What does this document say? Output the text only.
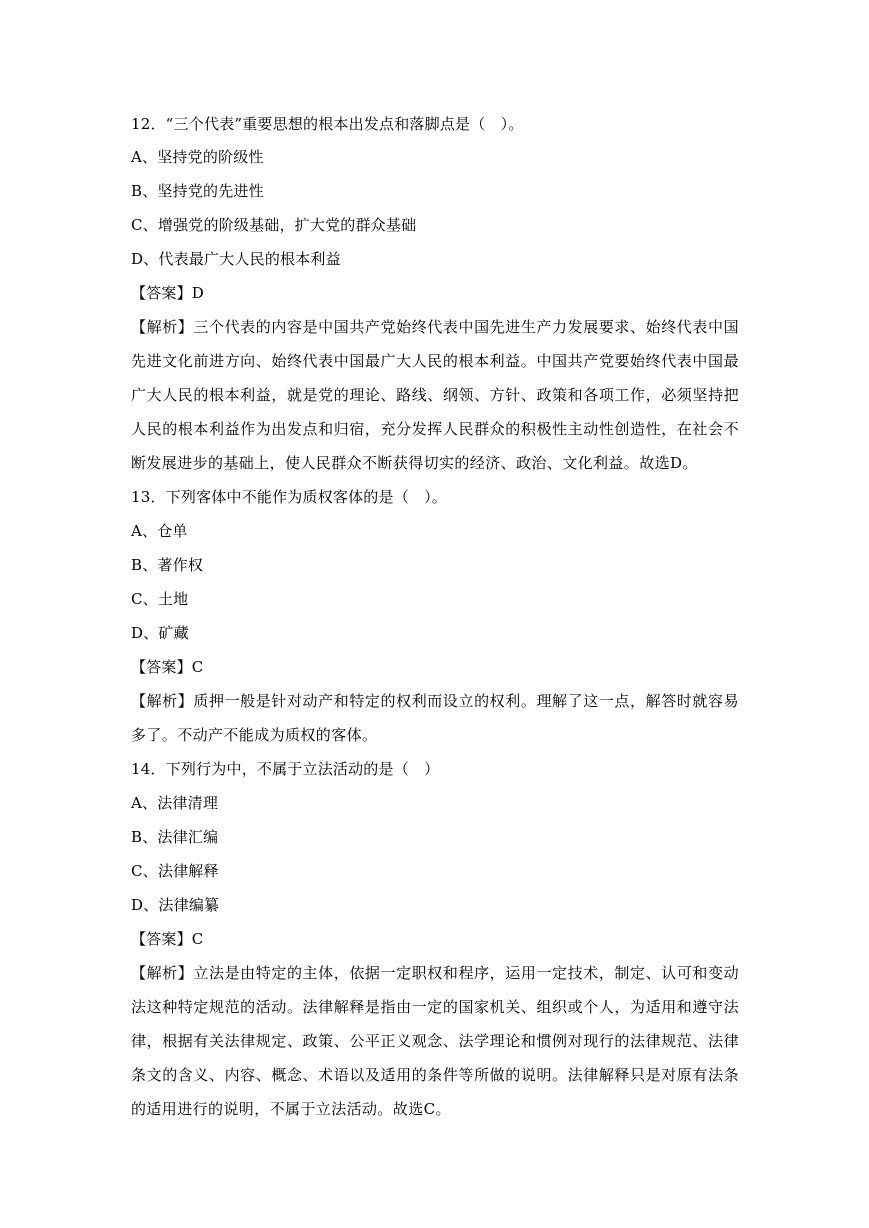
12．“三个代表”重要思想的根本出发点和落脚点是（　）。
A、坚持党的阶级性
B、坚持党的先进性
C、增强党的阶级基础，扩大党的群众基础
D、代表最广大人民的根本利益
【答案】D
【解析】三个代表的内容是中国共产党始终代表中国先进生产力发展要求、始终代表中国先进文化前进方向、始终代表中国最广大人民的根本利益。中国共产党要始终代表中国最广大人民的根本利益，就是党的理论、路线、纲领、方针、政策和各项工作，必须坚持把人民的根本利益作为出发点和归宿，充分发挥人民群众的积极性主动性创造性，在社会不断发展进步的基础上，使人民群众不断获得切实的经济、政治、文化利益。故选D。
13．下列客体中不能作为质权客体的是（　）。
A、仓单
B、著作权
C、土地
D、矿藏
【答案】C
【解析】质押一般是针对动产和特定的权利而设立的权利。理解了这一点，解答时就容易多了。不动产不能成为质权的客体。
14．下列行为中，不属于立法活动的是（　）
A、法律清理
B、法律汇编
C、法律解释
D、法律编纂
【答案】C
【解析】立法是由特定的主体，依据一定职权和程序，运用一定技术，制定、认可和变动法这种特定规范的活动。法律解释是指由一定的国家机关、组织或个人，为适用和遵守法律，根据有关法律规定、政策、公平正义观念、法学理论和惯例对现行的法律规范、法律条文的含义、内容、概念、术语以及适用的条件等所做的说明。法律解释只是对原有法条的适用进行的说明，不属于立法活动。故选C。
